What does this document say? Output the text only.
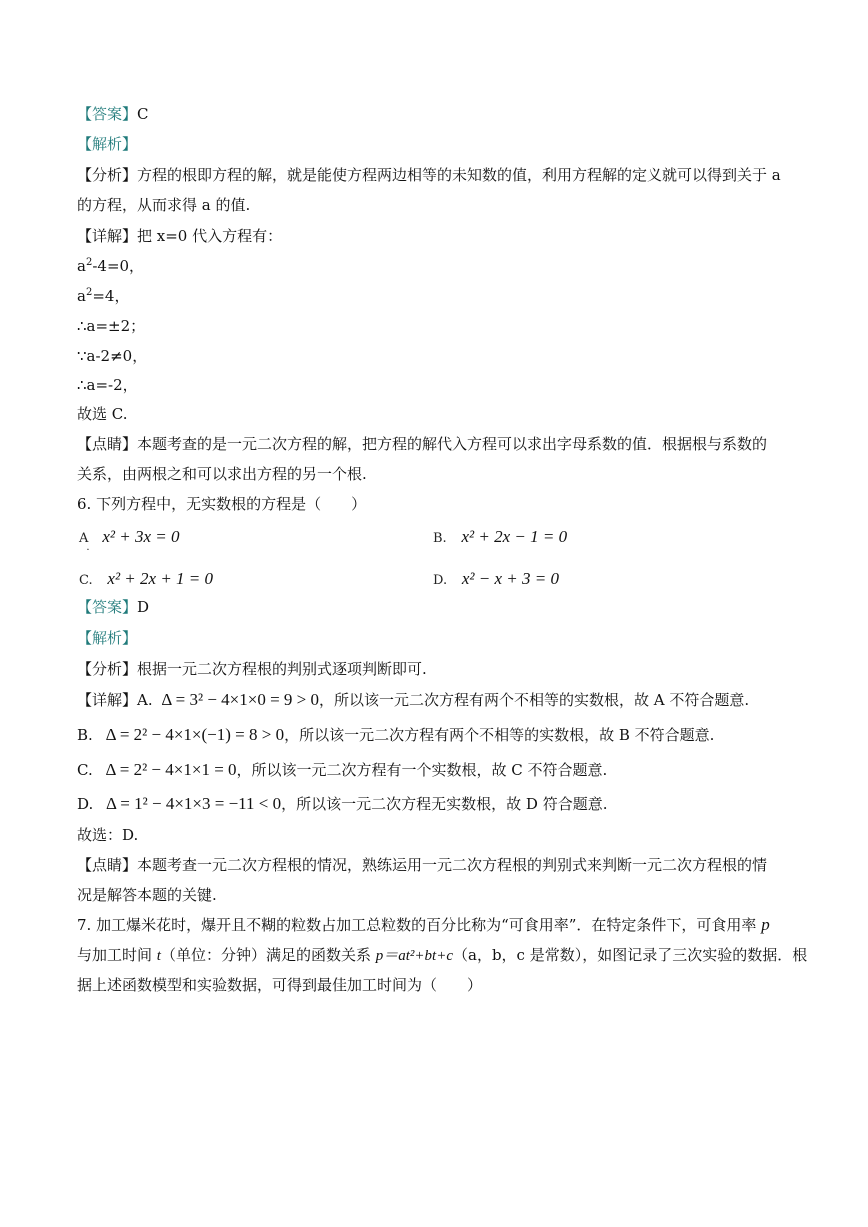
【答案】C
【解析】
【分析】方程的根即方程的解，就是能使方程两边相等的未知数的值，利用方程解的定义就可以得到关于 a
的方程，从而求得 a 的值.
【详解】把 x=0 代入方程有：
$a^2-4=0$，
$a^2=4$，
∴a=±2；
∵a-2≠0，
∴a=-2，
故选 C.
【点睛】本题考查的是一元二次方程的解，把方程的解代入方程可以求出字母系数的值．根据根与系数的
关系，由两根之和可以求出方程的另一个根.
6. 下列方程中，无实数根的方程是（　　）
$A_.$ x² + 3x = 0	B. x² + 2x − 1 = 0
C. x² + 2x + 1 = 0	D. x² − x + 3 = 0
【答案】D
【解析】
【分析】根据一元二次方程根的判别式逐项判断即可.
【详解】A. Δ = 3² − 4×1×0 = 9 > 0，所以该一元二次方程有两个不相等的实数根，故 A 不符合题意.
B. Δ = 2² − 4×1×(−1) = 8 > 0，所以该一元二次方程有两个不相等的实数根，故 B 不符合题意.
C. Δ = 2² − 4×1×1 = 0，所以该一元二次方程有一个实数根，故 C 不符合题意.
D. Δ = 1² − 4×1×3 = −11 < 0，所以该一元二次方程无实数根，故 D 符合题意.
故选：D.
【点睛】本题考查一元二次方程根的情况，熟练运用一元二次方程根的判别式来判断一元二次方程根的情
况是解答本题的关键.
7. 加工爆米花时，爆开且不糊的粒数占加工总粒数的百分比称为“可食用率”．在特定条件下，可食用率 p
与加工时间 t（单位：分钟）满足的函数关系 p＝at²+bt+c（a，b，c 是常数），如图记录了三次实验的数据．根
据上述函数模型和实验数据，可得到最佳加工时间为（　　）
